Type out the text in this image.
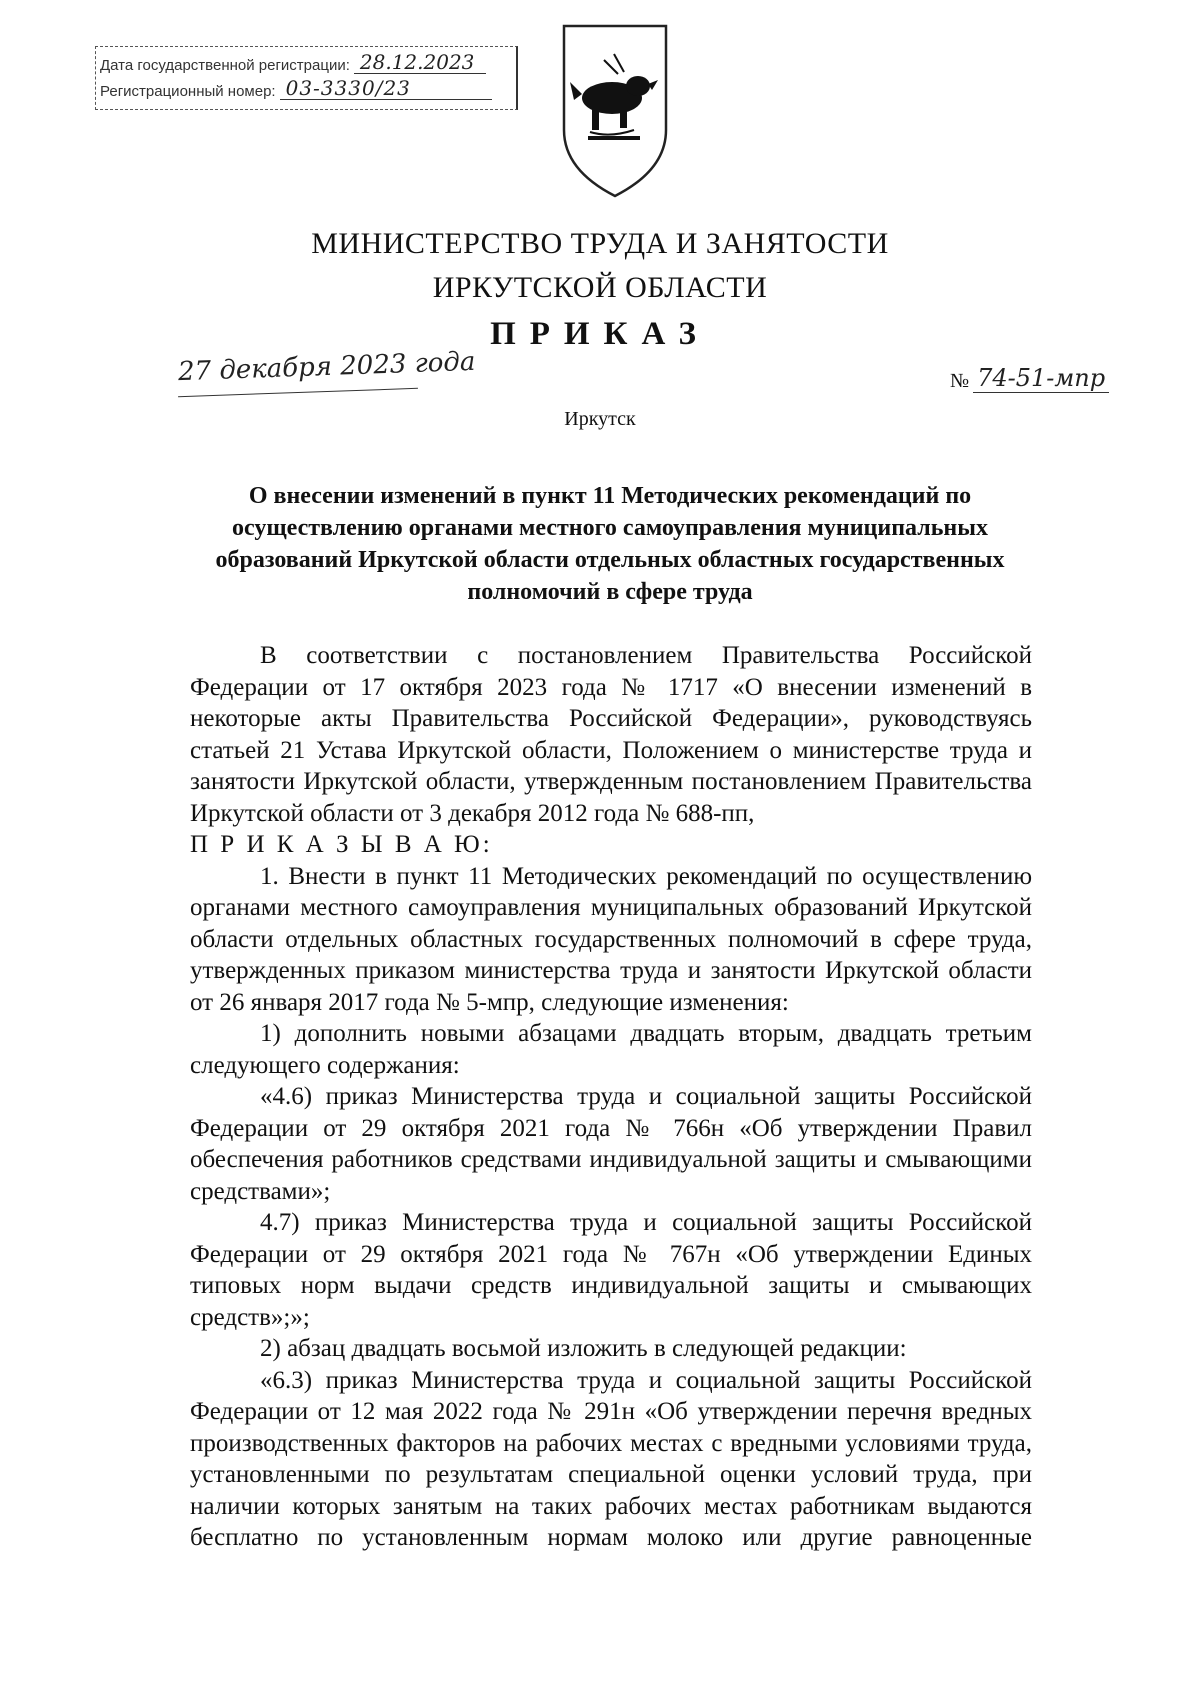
Дата государственной регистрации: 28.12.2023
Регистрационный номер: 03-3330/23
МИНИСТЕРСТВО ТРУДА И ЗАНЯТОСТИ
ИРКУТСКОЙ ОБЛАСТИ
ПРИКАЗ
27 декабря 2023 года	№ 74-51-мпр
Иркутск
О внесении изменений в пункт 11 Методических рекомендаций по осуществлению органами местного самоуправления муниципальных образований Иркутской области отдельных областных государственных полномочий в сфере труда

В соответствии с постановлением Правительства Российской Федерации от 17 октября 2023 года № 1717 «О внесении изменений в некоторые акты Правительства Российской Федерации», руководствуясь статьей 21 Устава Иркутской области, Положением о министерстве труда и занятости Иркутской области, утвержденным постановлением Правительства Иркутской области от 3 декабря 2012 года № 688-пп,

П Р И К А З Ы В А Ю:

1. Внести в пункт 11 Методических рекомендаций по осуществлению органами местного самоуправления муниципальных образований Иркутской области отдельных областных государственных полномочий в сфере труда, утвержденных приказом министерства труда и занятости Иркутской области от 26 января 2017 года № 5-мпр, следующие изменения:

1) дополнить новыми абзацами двадцать вторым, двадцать третьим следующего содержания:

«4.6) приказ Министерства труда и социальной защиты Российской Федерации от 29 октября 2021 года № 766н «Об утверждении Правил обеспечения работников средствами индивидуальной защиты и смывающими средствами»;

4.7) приказ Министерства труда и социальной защиты Российской Федерации от 29 октября 2021 года № 767н «Об утверждении Единых типовых норм выдачи средств индивидуальной защиты и смывающих средств»;»;

2) абзац двадцать восьмой изложить в следующей редакции:

«6.3) приказ Министерства труда и социальной защиты Российской Федерации от 12 мая 2022 года № 291н «Об утверждении перечня вредных производственных факторов на рабочих местах с вредными условиями труда, установленными по результатам специальной оценки условий труда, при наличии которых занятым на таких рабочих местах работникам выдаются бесплатно по установленным нормам молоко или другие равноценные
